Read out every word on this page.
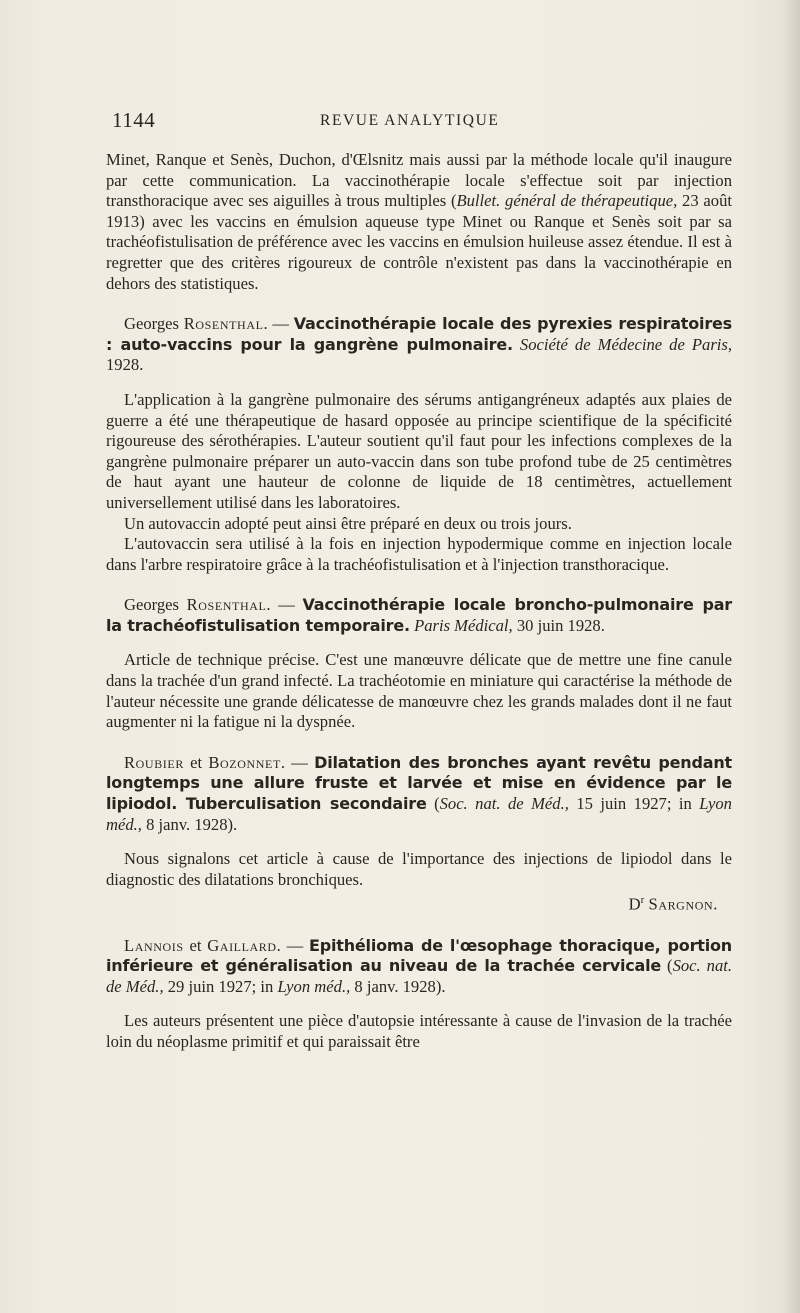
1144	REVUE ANALYTIQUE

Minet, Ranque et Senès, Duchon, d'Œlsnitz mais aussi par la méthode locale qu'il inaugure par cette communication. La vaccinothérapie locale s'effectue soit par injection transthoracique avec ses aiguilles à trous multiples (Bullet. général de thérapeutique, 23 août 1913) avec les vaccins en émulsion aqueuse type Minet ou Ranque et Senès soit par sa trachéofistulisation de préférence avec les vaccins en émulsion huileuse assez étendue. Il est à regretter que des critères rigoureux de contrôle n'existent pas dans la vaccinothérapie en dehors des statistiques.

Georges Rosenthal. — Vaccinothérapie locale des pyrexies respiratoires : auto-vaccins pour la gangrène pulmonaire. Société de Médecine de Paris, 1928.

L'application à la gangrène pulmonaire des sérums antigangréneux adaptés aux plaies de guerre a été une thérapeutique de hasard opposée au principe scientifique de la spécificité rigoureuse des sérothérapies. L'auteur soutient qu'il faut pour les infections complexes de la gangrène pulmonaire préparer un auto-vaccin dans son tube profond tube de 25 centimètres de haut ayant une hauteur de colonne de liquide de 18 centimètres, actuellement universellement utilisé dans les laboratoires.

Un autovaccin adopté peut ainsi être préparé en deux ou trois jours.

L'autovaccin sera utilisé à la fois en injection hypodermique comme en injection locale dans l'arbre respiratoire grâce à la trachéofistulisation et à l'injection transthoracique.

Georges Rosenthal. — Vaccinothérapie locale broncho-pulmonaire par la trachéofistulisation temporaire. Paris Médical, 30 juin 1928.

Article de technique précise. C'est une manœuvre délicate que de mettre une fine canule dans la trachée d'un grand infecté. La trachéotomie en miniature qui caractérise la méthode de l'auteur nécessite une grande délicatesse de manœuvre chez les grands malades dont il ne faut augmenter ni la fatigue ni la dyspnée.

Roubier et Bozonnet. — Dilatation des bronches ayant revêtu pendant longtemps une allure fruste et larvée et mise en évidence par le lipiodol. Tuberculisation secondaire (Soc. nat. de Méd., 15 juin 1927; in Lyon méd., 8 janv. 1928).

Nous signalons cet article à cause de l'importance des injections de lipiodol dans le diagnostic des dilatations bronchiques.

$D^r$ Sargnon.

Lannois et Gaillard. — Epithélioma de l'œsophage thoracique, portion inférieure et généralisation au niveau de la trachée cervicale (Soc. nat. de Méd., 29 juin 1927; in Lyon méd., 8 janv. 1928).

Les auteurs présentent une pièce d'autopsie intéressante à cause de l'invasion de la trachée loin du néoplasme primitif et qui paraissait être
